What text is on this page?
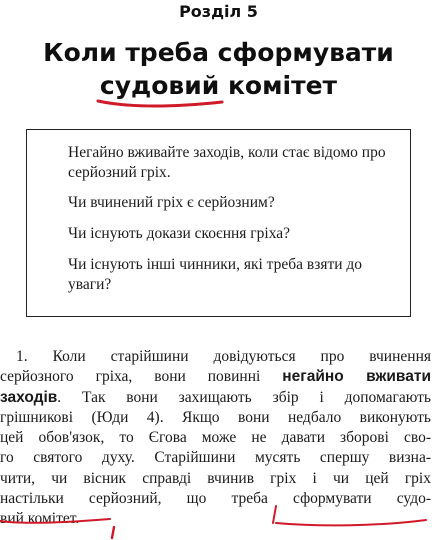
Розділ 5
Коли треба сформувати
судовий
комітет

Негайно вживайте заходів, коли стає відомо про серйозний гріх.

Чи вчинений гріх є серйозним?

Чи існують докази скоєння гріха?

Чи існують інші чинники, які треба взяти до уваги?

1. Коли старійшини довідуються про вчинення
серйозного гріха, вони повинні негайно вживати
заходів. Так вони захищають збір і допомагають
грішникові (Юди 4). Якщо вони недбало виконують
цей обов'язок, то Єгова може не давати зборові сво-
го святого духу. Старійшини мусять спершу визна-
чити, чи вісник справді вчинив гріх і чи цей гріх
настільки серйозний, що треба сформувати судо-
вий комітет.
